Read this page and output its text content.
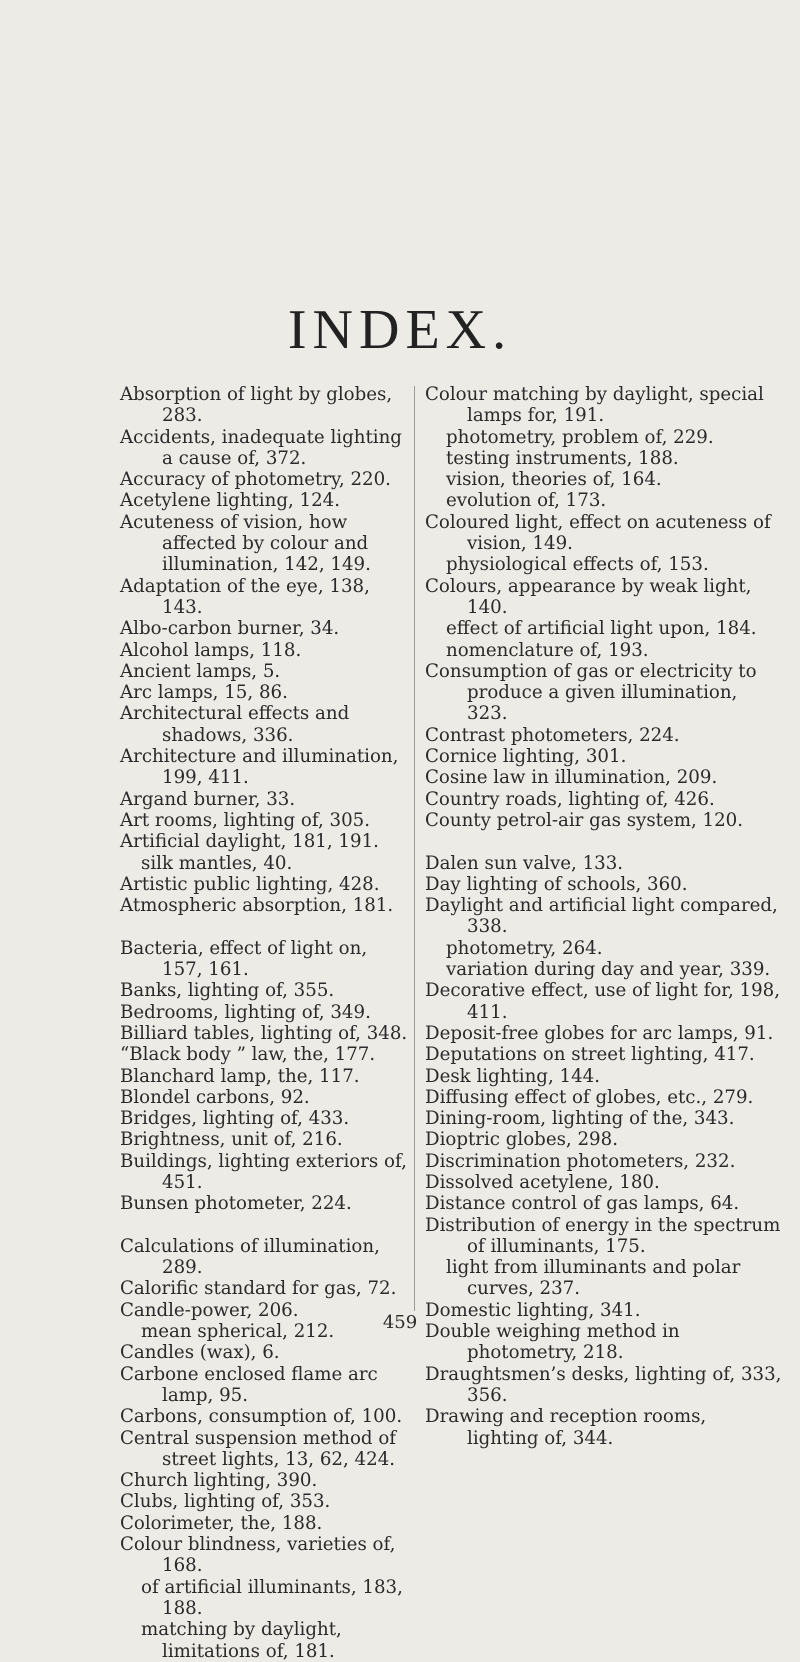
INDEX.
Absorption of light by globes, 283.
Accidents, inadequate lighting a cause of, 372.
Accuracy of photometry, 220.
Acetylene lighting, 124.
Acuteness of vision, how affected by colour and illumination, 142, 149.
Adaptation of the eye, 138, 143.
Albo-carbon burner, 34.
Alcohol lamps, 118.
Ancient lamps, 5.
Arc lamps, 15, 86.
Architectural effects and shadows, 336.
Architecture and illumination, 199, 411.
Argand burner, 33.
Art rooms, lighting of, 305.
Artificial daylight, 181, 191.
silk mantles, 40.
Artistic public lighting, 428.
Atmospheric absorption, 181.
Bacteria, effect of light on, 157, 161.
Banks, lighting of, 355.
Bedrooms, lighting of, 349.
Billiard tables, lighting of, 348.
“Black body ” law, the, 177.
Blanchard lamp, the, 117.
Blondel carbons, 92.
Bridges, lighting of, 433.
Brightness, unit of, 216.
Buildings, lighting exteriors of, 451.
Bunsen photometer, 224.
Calculations of illumination, 289.
Calorific standard for gas, 72.
Candle-power, 206.
mean spherical, 212.
Candles (wax), 6.
Carbone enclosed flame arc lamp, 95.
Carbons, consumption of, 100.
Central suspension method of street lights, 13, 62, 424.
Church lighting, 390.
Clubs, lighting of, 353.
Colorimeter, the, 188.
Colour blindness, varieties of, 168.
of artificial illuminants, 183, 188.
matching by daylight, limitations of, 181.
Colour matching by daylight, special lamps for, 191.
photometry, problem of, 229.
testing instruments, 188.
vision, theories of, 164.
evolution of, 173.
Coloured light, effect on acuteness of vision, 149.
physiological effects of, 153.
Colours, appearance by weak light, 140.
effect of artificial light upon, 184.
nomenclature of, 193.
Consumption of gas or electricity to produce a given illumination, 323.
Contrast photometers, 224.
Cornice lighting, 301.
Cosine law in illumination, 209.
Country roads, lighting of, 426.
County petrol-air gas system, 120.
Dalen sun valve, 133.
Day lighting of schools, 360.
Daylight and artificial light compared, 338.
photometry, 264.
variation during day and year, 339.
Decorative effect, use of light for, 198, 411.
Deposit-free globes for arc lamps, 91.
Deputations on street lighting, 417.
Desk lighting, 144.
Diffusing effect of globes, etc., 279.
Dining-room, lighting of the, 343.
Dioptric globes, 298.
Discrimination photometers, 232.
Dissolved acetylene, 180.
Distance control of gas lamps, 64.
Distribution of energy in the spectrum of illuminants, 175.
light from illuminants and polar curves, 237.
Domestic lighting, 341.
Double weighing method in photometry, 218.
Draughtsmen’s desks, lighting of, 333, 356.
Drawing and reception rooms, lighting of, 344.
459
